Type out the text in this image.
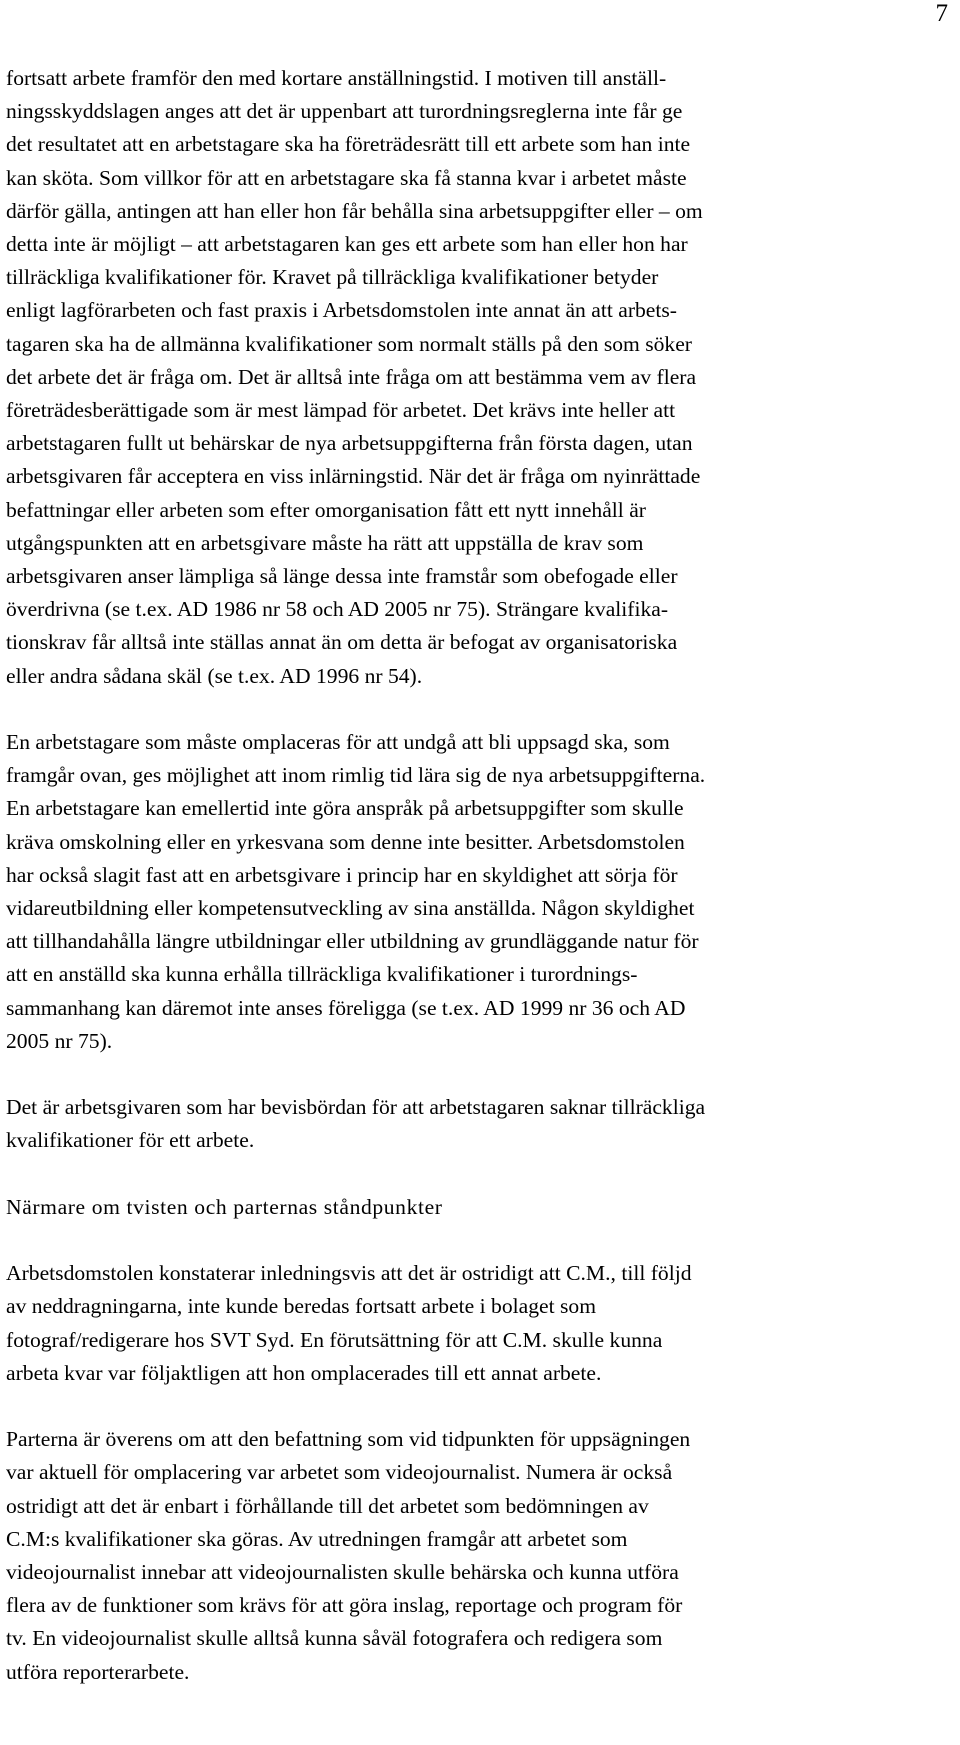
7

fortsatt arbete framför den med kortare anställningstid. I motiven till anställ-
ningsskyddslagen anges att det är uppenbart att turordningsreglerna inte får ge
det resultatet att en arbetstagare ska ha företrädesrätt till ett arbete som han inte
kan sköta. Som villkor för att en arbetstagare ska få stanna kvar i arbetet måste
därför gälla, antingen att han eller hon får behålla sina arbetsuppgifter eller – om
detta inte är möjligt – att arbetstagaren kan ges ett arbete som han eller hon har
tillräckliga kvalifikationer för. Kravet på tillräckliga kvalifikationer betyder
enligt lagförarbeten och fast praxis i Arbetsdomstolen inte annat än att arbets-
tagaren ska ha de allmänna kvalifikationer som normalt ställs på den som söker
det arbete det är fråga om. Det är alltså inte fråga om att bestämma vem av flera
företrädesberättigade som är mest lämpad för arbetet. Det krävs inte heller att
arbetstagaren fullt ut behärskar de nya arbetsuppgifterna från första dagen, utan
arbetsgivaren får acceptera en viss inlärningstid. När det är fråga om nyinrättade
befattningar eller arbeten som efter omorganisation fått ett nytt innehåll är
utgångspunkten att en arbetsgivare måste ha rätt att uppställa de krav som
arbetsgivaren anser lämpliga så länge dessa inte framstår som obefogade eller
överdrivna (se t.ex. AD 1986 nr 58 och AD 2005 nr 75). Strängare kvalifika-
tionskrav får alltså inte ställas annat än om detta är befogat av organisatoriska
eller andra sådana skäl (se t.ex. AD 1996 nr 54).

En arbetstagare som måste omplaceras för att undgå att bli uppsagd ska, som
framgår ovan, ges möjlighet att inom rimlig tid lära sig de nya arbetsuppgifterna.
En arbetstagare kan emellertid inte göra anspråk på arbetsuppgifter som skulle
kräva omskolning eller en yrkesvana som denne inte besitter. Arbetsdomstolen
har också slagit fast att en arbetsgivare i princip har en skyldighet att sörja för
vidareutbildning eller kompetensutveckling av sina anställda. Någon skyldighet
att tillhandahålla längre utbildningar eller utbildning av grundläggande natur för
att en anställd ska kunna erhålla tillräckliga kvalifikationer i turordnings-
sammanhang kan däremot inte anses föreligga (se t.ex. AD 1999 nr 36 och AD
2005 nr 75).

Det är arbetsgivaren som har bevisbördan för att arbetstagaren saknar tillräckliga
kvalifikationer för ett arbete.

Närmare om tvisten och parternas ståndpunkter

Arbetsdomstolen konstaterar inledningsvis att det är ostridigt att C.M., till följd
av neddragningarna, inte kunde beredas fortsatt arbete i bolaget som
fotograf/redigerare hos SVT Syd. En förutsättning för att C.M. skulle kunna
arbeta kvar var följaktligen att hon omplacerades till ett annat arbete.

Parterna är överens om att den befattning som vid tidpunkten för uppsägningen
var aktuell för omplacering var arbetet som videojournalist. Numera är också
ostridigt att det är enbart i förhållande till det arbetet som bedömningen av
C.M:s kvalifikationer ska göras. Av utredningen framgår att arbetet som
videojournalist innebar att videojournalisten skulle behärska och kunna utföra
flera av de funktioner som krävs för att göra inslag, reportage och program för
tv. En videojournalist skulle alltså kunna såväl fotografera och redigera som
utföra reporterarbete.
